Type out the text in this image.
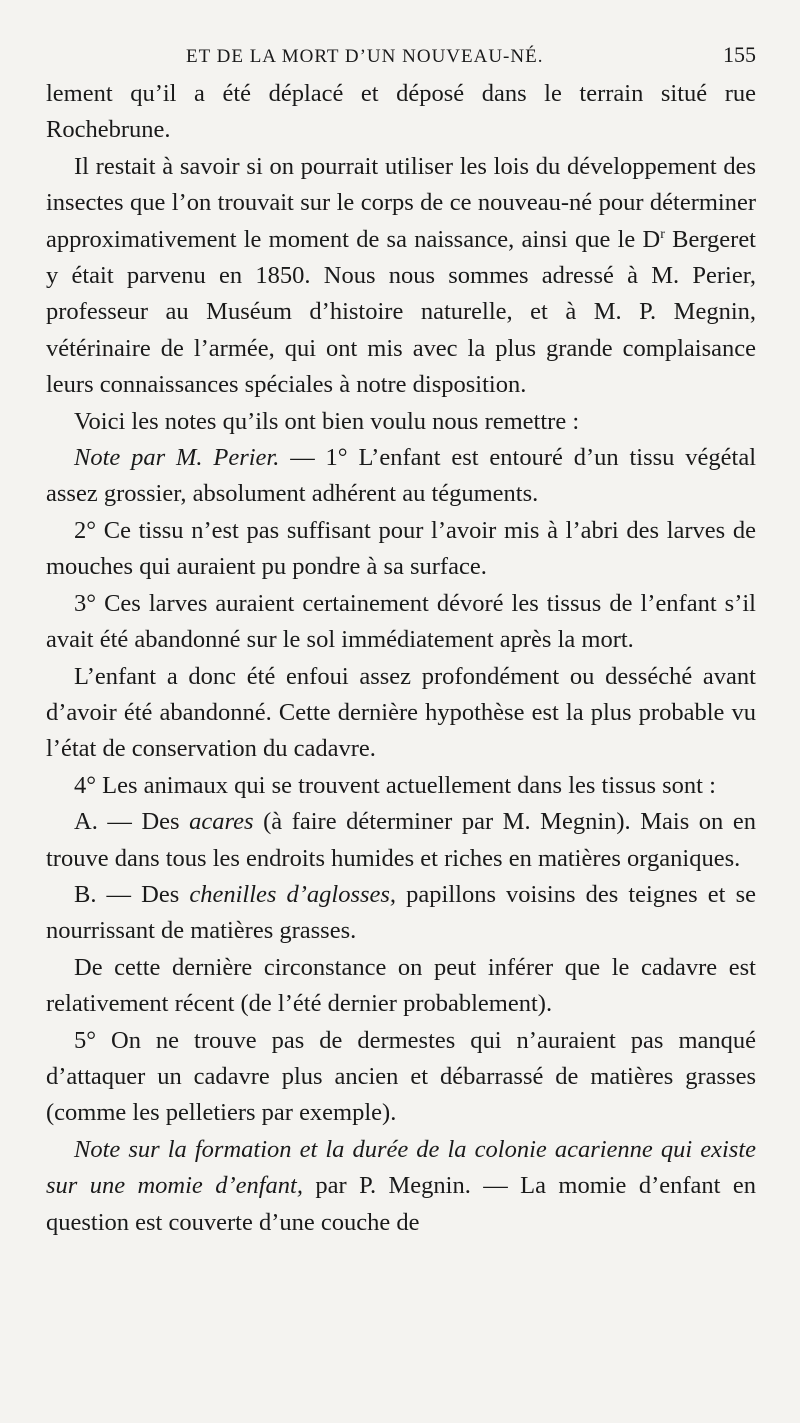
ET DE LA MORT D’UN NOUVEAU-NÉ.	155

lement qu’il a été déplacé et déposé dans le terrain situé rue Rochebrune.

Il restait à savoir si on pourrait utiliser les lois du développement des insectes que l’on trouvait sur le corps de ce nouveau-né pour déterminer approximativement le moment de sa naissance, ainsi que le $D^r$ Bergeret y était parvenu en 1850. Nous nous sommes adressé à M. Perier, professeur au Muséum d’histoire naturelle, et à M. P. Megnin, vétérinaire de l’armée, qui ont mis avec la plus grande complaisance leurs connaissances spéciales à notre disposition.

Voici les notes qu’ils ont bien voulu nous remettre :

Note par M. Perier. — 1° L’enfant est entouré d’un tissu végétal assez grossier, absolument adhérent au téguments.

2° Ce tissu n’est pas suffisant pour l’avoir mis à l’abri des larves de mouches qui auraient pu pondre à sa surface.

3° Ces larves auraient certainement dévoré les tissus de l’enfant s’il avait été abandonné sur le sol immédiatement après la mort.

L’enfant a donc été enfoui assez profondément ou desséché avant d’avoir été abandonné. Cette dernière hypothèse est la plus probable vu l’état de conservation du cadavre.

4° Les animaux qui se trouvent actuellement dans les tissus sont :

A. — Des acares (à faire déterminer par M. Megnin). Mais on en trouve dans tous les endroits humides et riches en matières organiques.

B. — Des chenilles d’aglosses, papillons voisins des teignes et se nourrissant de matières grasses.

De cette dernière circonstance on peut inférer que le cadavre est relativement récent (de l’été dernier probablement).

5° On ne trouve pas de dermestes qui n’auraient pas manqué d’attaquer un cadavre plus ancien et débarrassé de matières grasses (comme les pelletiers par exemple).

Note sur la formation et la durée de la colonie acarienne qui existe sur une momie d’enfant, par P. Megnin. — La momie d’enfant en question est couverte d’une couche de
